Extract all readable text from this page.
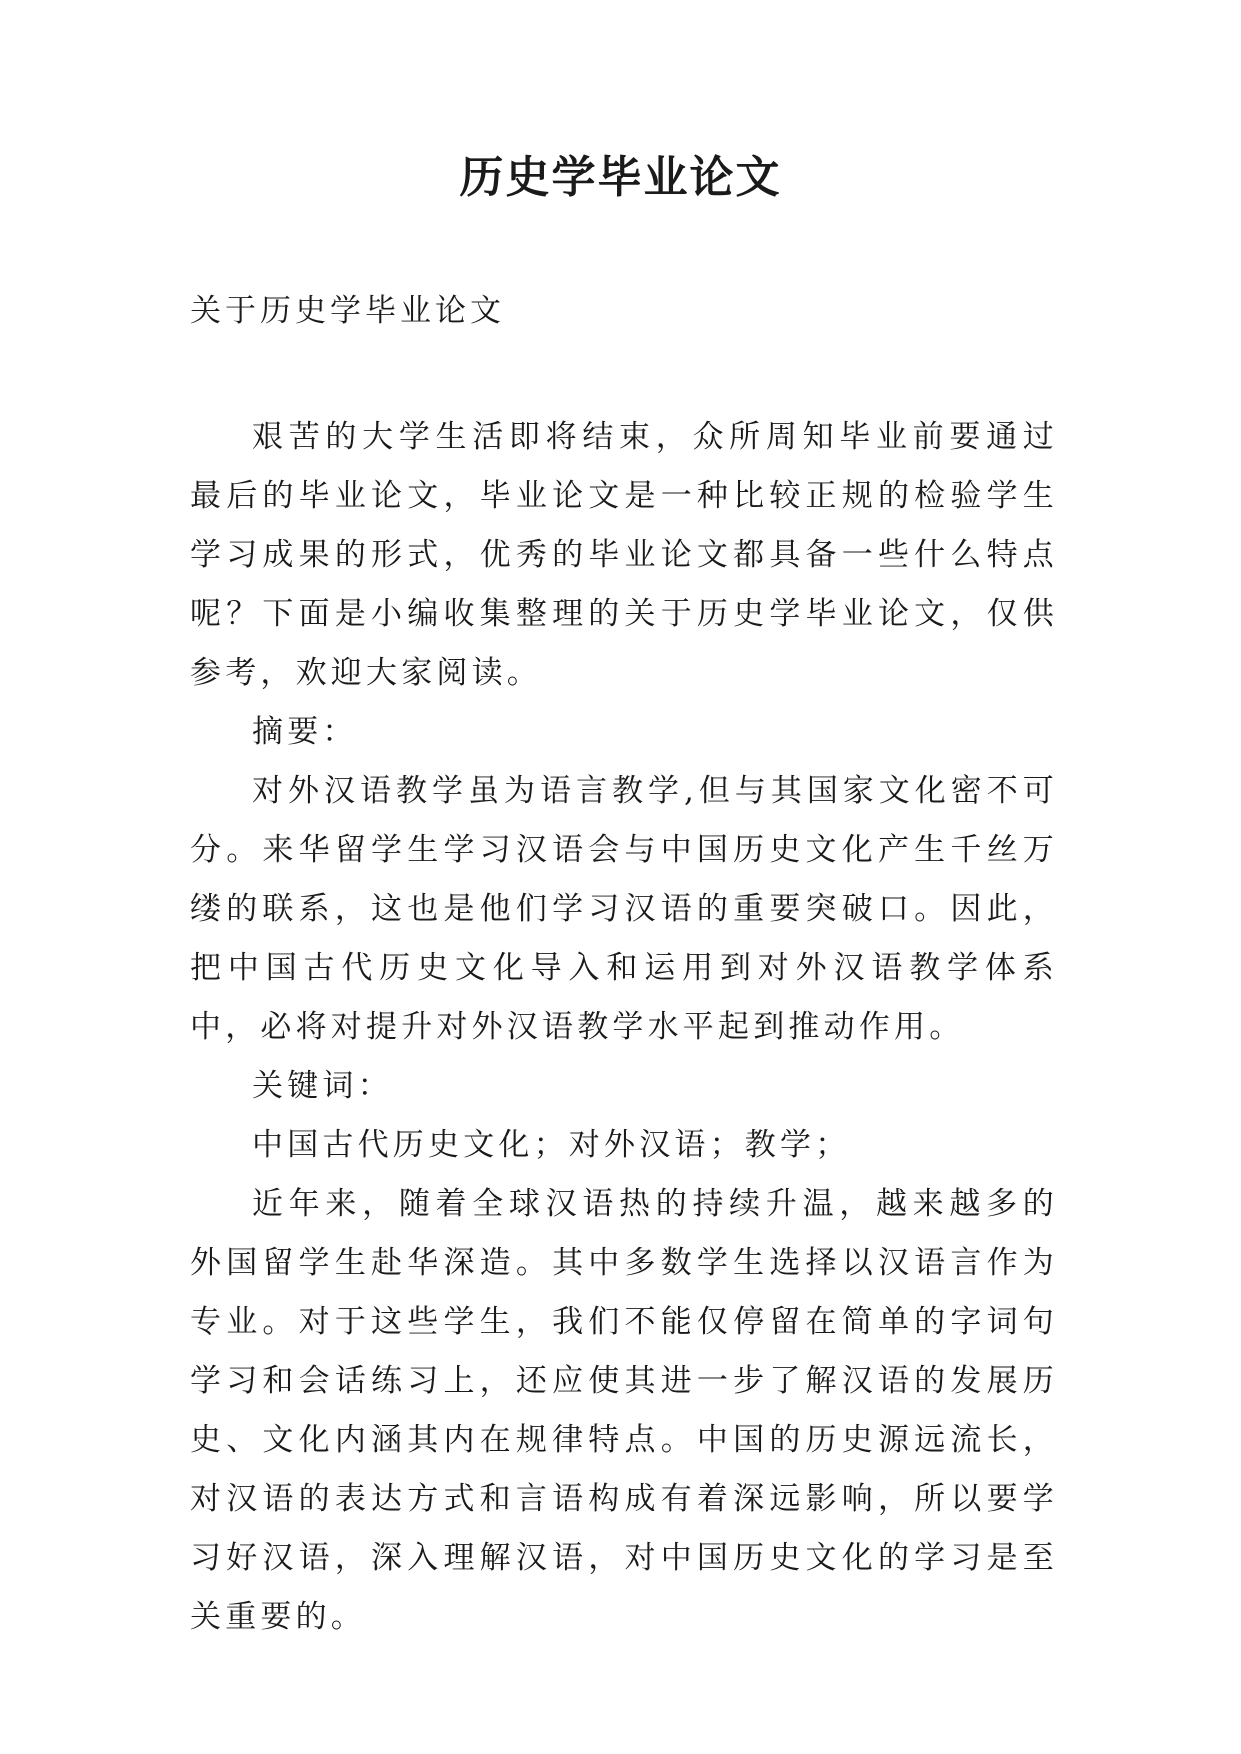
历史学毕业论文
关于历史学毕业论文

艰苦的大学生活即将结束，众所周知毕业前要通过最后的毕业论文，毕业论文是一种比较正规的检验学生学习成果的形式，优秀的毕业论文都具备一些什么特点呢？下面是小编收集整理的关于历史学毕业论文，仅供参考，欢迎大家阅读。

摘要：

对外汉语教学虽为语言教学,但与其国家文化密不可分。来华留学生学习汉语会与中国历史文化产生千丝万缕的联系，这也是他们学习汉语的重要突破口。因此，把中国古代历史文化导入和运用到对外汉语教学体系中，必将对提升对外汉语教学水平起到推动作用。

关键词：

中国古代历史文化；对外汉语；教学；

近年来，随着全球汉语热的持续升温，越来越多的外国留学生赴华深造。其中多数学生选择以汉语言作为专业。对于这些学生，我们不能仅停留在简单的字词句学习和会话练习上，还应使其进一步了解汉语的发展历史、文化内涵其内在规律特点。中国的历史源远流长，对汉语的表达方式和言语构成有着深远影响，所以要学习好汉语，深入理解汉语，对中国历史文化的学习是至关重要的。
